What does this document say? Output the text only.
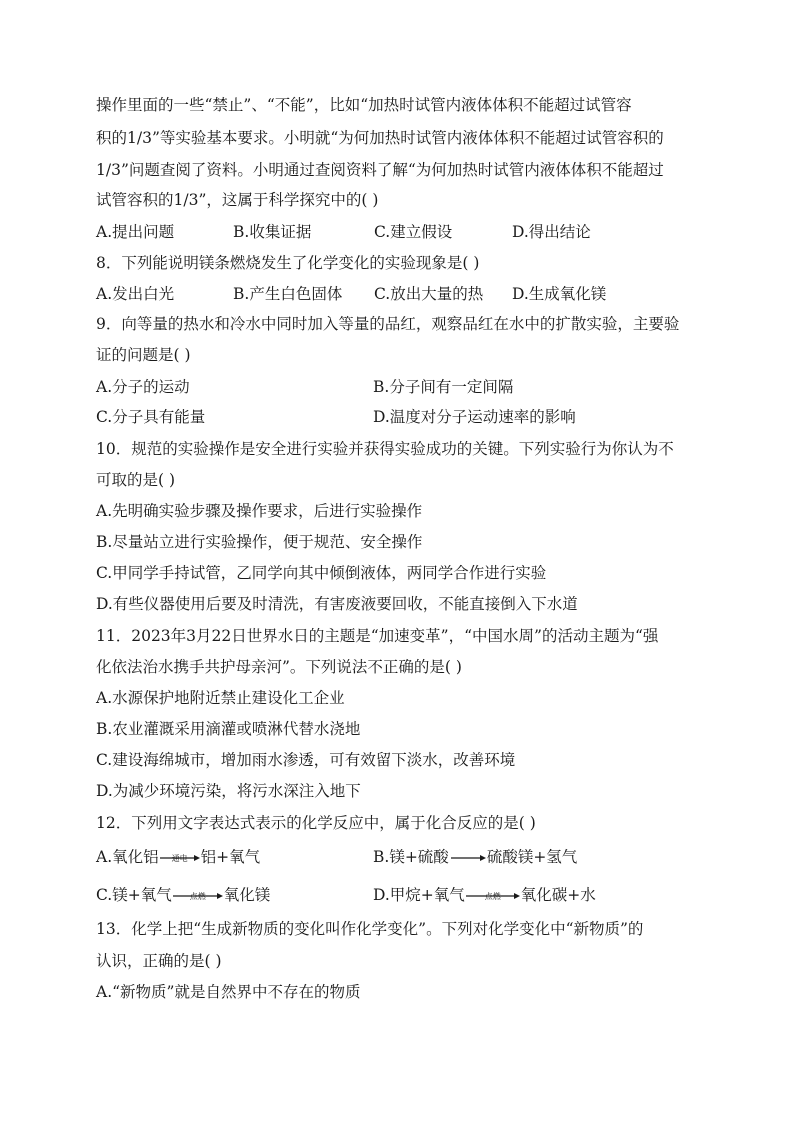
操作里面的一些“禁止”、“不能”，比如“加热时试管内液体体积不能超过试管容
积的1/3”等实验基本要求。小明就“为何加热时试管内液体体积不能超过试管容积的
1/3”问题查阅了资料。小明通过查阅资料了解“为何加热时试管内液体体积不能超过
试管容积的1/3”，这属于科学探究中的( )
A.提出问题	B.收集证据	C.建立假设	D.得出结论
8．下列能说明镁条燃烧发生了化学变化的实验现象是( )
A.发出白光	B.产生白色固体 C.放出大量的热 D.生成氧化镁
9．向等量的热水和冷水中同时加入等量的品红，观察品红在水中的扩散实验，主要验
证的问题是( )
A.分子的运动	B.分子间有一定间隔
C.分子具有能量	D.温度对分子运动速率的影响
10．规范的实验操作是安全进行实验并获得实验成功的关键。下列实验行为你认为不
可取的是( )
A.先明确实验步骤及操作要求，后进行实验操作
B.尽量站立进行实验操作，便于规范、安全操作
C.甲同学手持试管，乙同学向其中倾倒液体，两同学合作进行实验
D.有些仪器使用后要及时清洗，有害废液要回收，不能直接倒入下水道
11．2023年3月22日世界水日的主题是“加速变革”，“中国水周”的活动主题为“强
化依法治水携手共护母亲河”。下列说法不正确的是( )
A.水源保护地附近禁止建设化工企业
B.农业灌溉采用滴灌或喷淋代替水浇地
C.建设海绵城市，增加雨水渗透，可有效留下淡水，改善环境
D.为减少环境污染，将污水深注入地下
12．下列用文字表达式表示的化学反应中，属于化合反应的是( )
A.氧化铝	通电 铝+氧气	B.镁+硫酸 硫酸镁+氢气
C.镁+氧气	点燃	氧化镁	D.甲烷+氧气	点燃	氧化碳+水
13．化学上把“生成新物质的变化叫作化学变化”。下列对化学变化中“新物质”的
认识，正确的是( )
A.“新物质”就是自然界中不存在的物质
